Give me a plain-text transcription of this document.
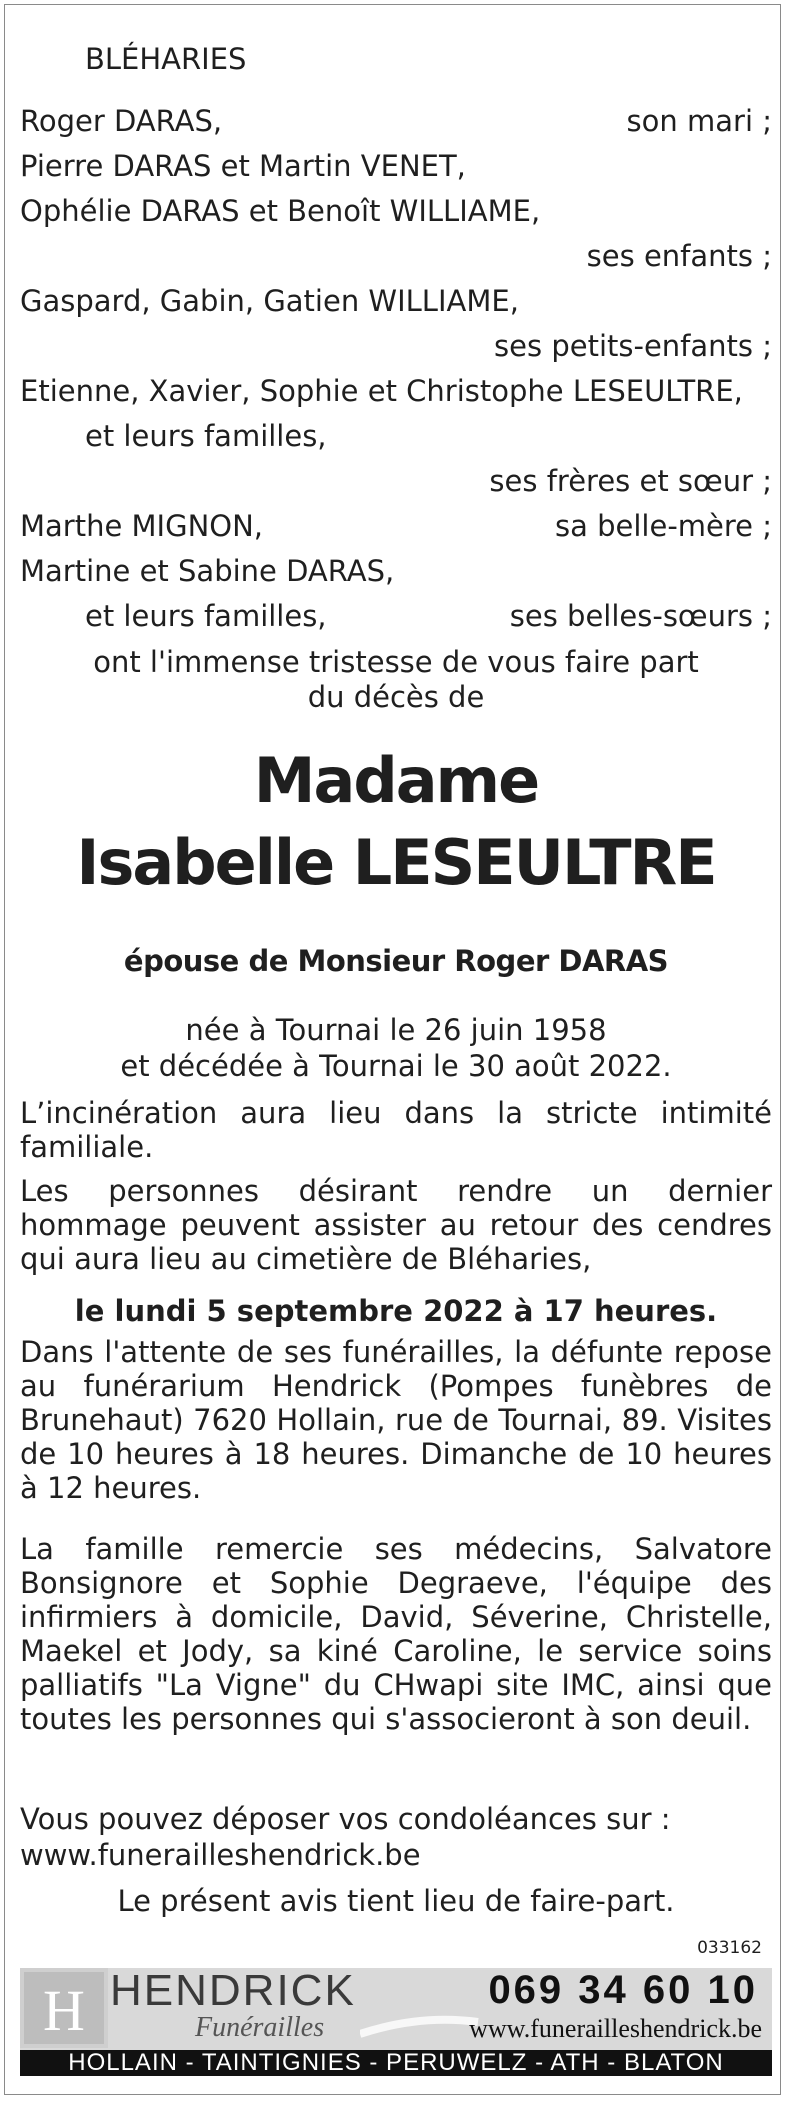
BLÉHARIES
Roger DARAS,	son mari ;
Pierre DARAS et Martin VENET,
Ophélie DARAS et Benoît WILLIAME,
ses enfants ;
Gaspard, Gabin, Gatien WILLIAME,
ses petits-enfants ;
Etienne, Xavier, Sophie et Christophe LESEULTRE,
et leurs familles,
ses frères et sœur ;
Marthe MIGNON,	sa belle-mère ;
Martine et Sabine DARAS,
et leurs familles,	ses belles-sœurs ;
ont l'immense tristesse de vous faire part
du décès de
Madame
Isabelle LESEULTRE
épouse de Monsieur Roger DARAS
née à Tournai le 26 juin 1958
et décédée à Tournai le 30 août 2022.
L’incinération aura lieu dans la stricte intimité familiale.
Les personnes désirant rendre un dernier hommage peuvent assister au retour des cendres qui aura lieu au cimetière de Bléharies,
le lundi 5 septembre 2022 à 17 heures.
Dans l'attente de ses funérailles, la défunte repose au funérarium Hendrick (Pompes funèbres de Brunehaut) 7620 Hollain, rue de Tournai, 89. Visites de 10 heures à 18 heures. Dimanche de 10 heures à 12 heures.
La famille remercie ses médecins, Salvatore Bonsignore et Sophie Degraeve, l'équipe des infirmiers à domicile, David, Séverine, Christelle, Maekel et Jody, sa kiné Caroline, le service soins palliatifs "La Vigne" du CHwapi site IMC, ainsi que toutes les personnes qui s'associeront à son deuil.
Vous pouvez déposer vos condoléances sur :
www.funerailleshendrick.be
Le présent avis tient lieu de faire-part.
033162
H HENDRICK
Funérailles
069 34 60 10
www.funerailleshendrick.be
HOLLAIN - TAINTIGNIES - PERUWELZ - ATH - BLATON
